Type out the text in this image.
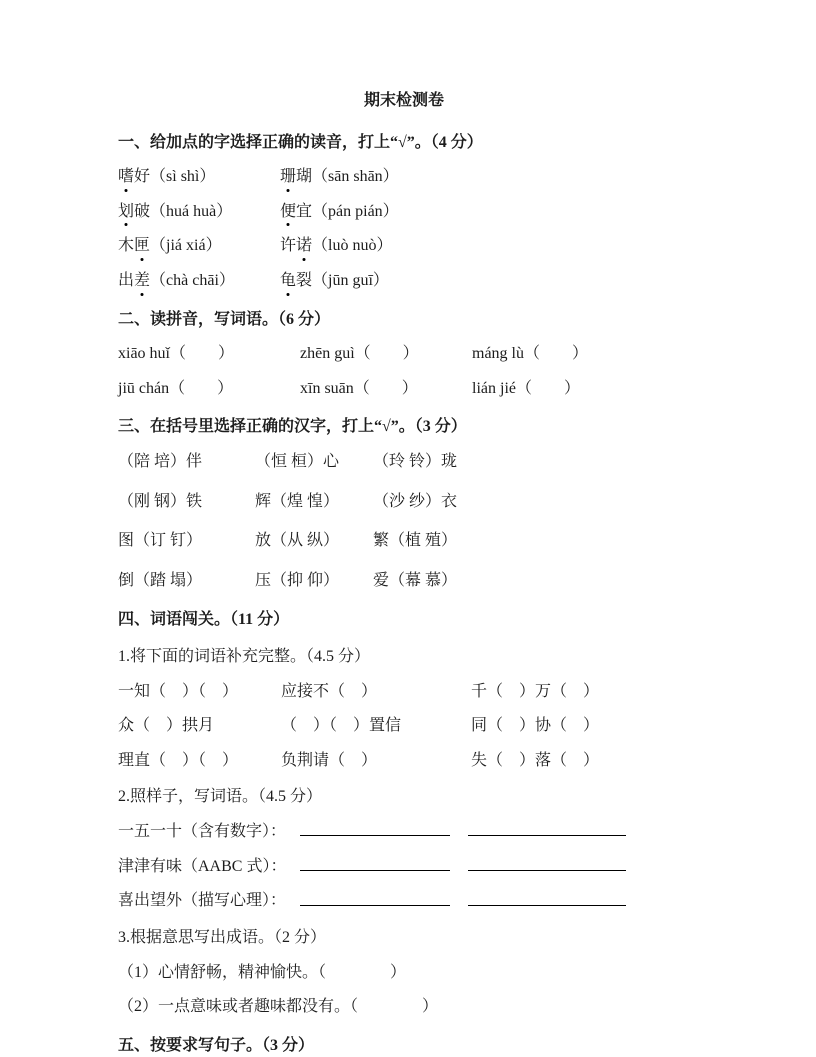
期末检测卷
一、给加点的字选择正确的读音，打上“√”。（4 分）
嗜好（sì shì）	珊瑚（sān shān）
划破（huá huà）	便宜（pán pián）
木匣（jiá xiá）	许诺（luò nuò）
出差（chà chāi）	龟裂（jūn guī）
二、读拼音，写词语。（6 分）
xiāo huǐ（　　）	zhēn guì（　　）	máng lù（　　）
jiū chán（　　）	xīn suān（　　）	lián jié（　　）
三、在括号里选择正确的汉字，打上“√”。（3 分）
（陪 培）伴	（恒 桓）心	（玲 铃）珑
（刚 钢）铁	辉（煌 惶）	（沙 纱）衣
图（订 钉）	放（从 纵）	繁（植 殖）
倒（踏 塌）	压（抑 仰）	爱（幕 慕）
四、词语闯关。（11 分）
1.将下面的词语补充完整。（4.5 分）
一知（　）（　）	应接不（　）	千（　）万（　）
众（　）拱月	（　）（　）置信	同（　）协（　）
理直（　）（　）	负荆请（　）	失（　）落（　）
2.照样子，写词语。（4.5 分）
一五一十（含有数字）：
津津有味（AABC 式）：
喜出望外（描写心理）：
3.根据意思写出成语。（2 分）
（1）心情舒畅，精神愉快。（　　　　）
（2）一点意味或者趣味都没有。（　　　　）
五、按要求写句子。（3 分）
